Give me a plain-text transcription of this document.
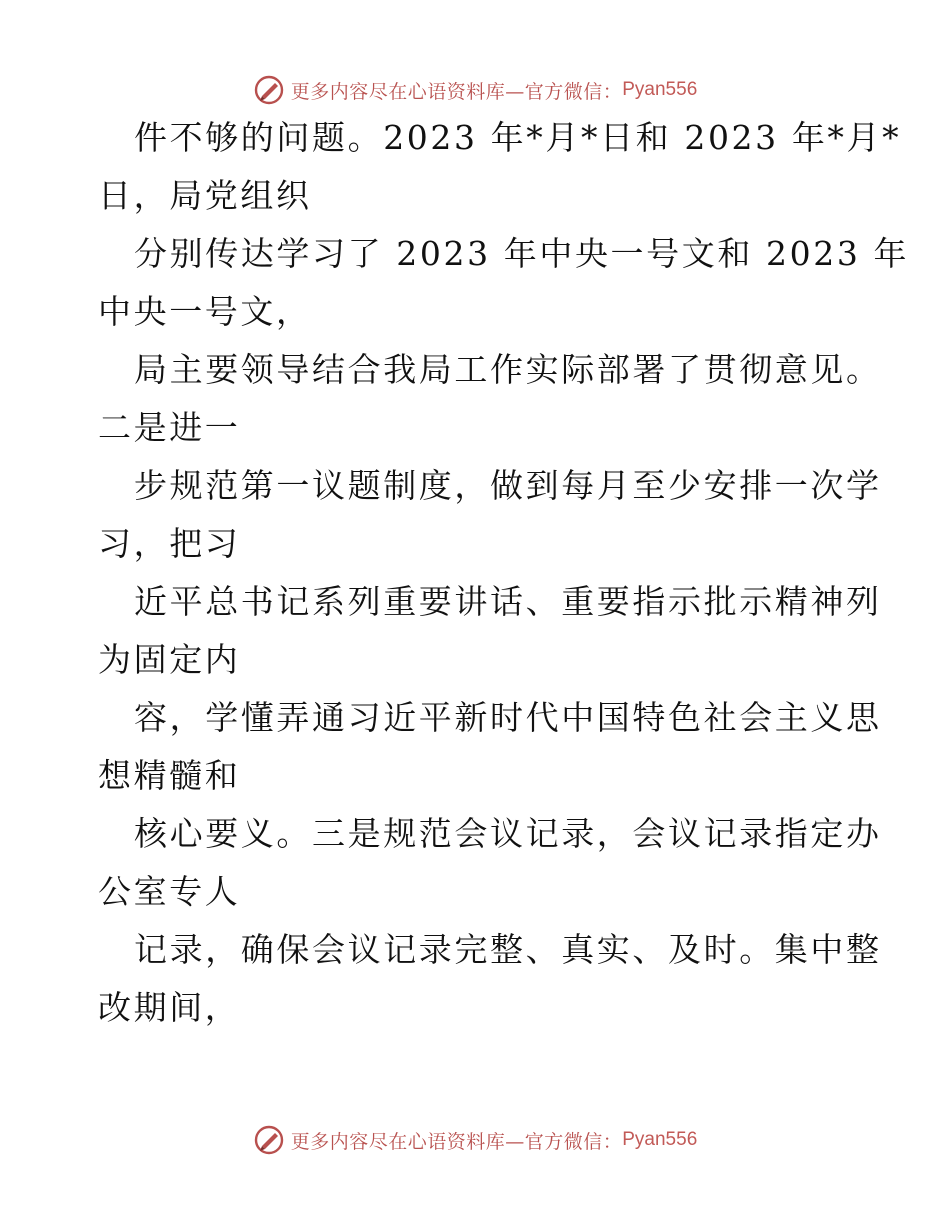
更多内容尽在心语资料库—官方微信： Pyan556
件不够的问题。2023 年*月*日和 2023 年*月*
日，局党组织
分别传达学习了 2023 年中央一号文和 2023 年
中央一号文，
局主要领导结合我局工作实际部署了贯彻意见。
二是进一
步规范第一议题制度，做到每月至少安排一次学
习，把习
近平总书记系列重要讲话、重要指示批示精神列
为固定内
容，学懂弄通习近平新时代中国特色社会主义思
想精髓和
核心要义。三是规范会议记录，会议记录指定办
公室专人
记录，确保会议记录完整、真实、及时。集中整
改期间，
更多内容尽在心语资料库—官方微信： Pyan556
